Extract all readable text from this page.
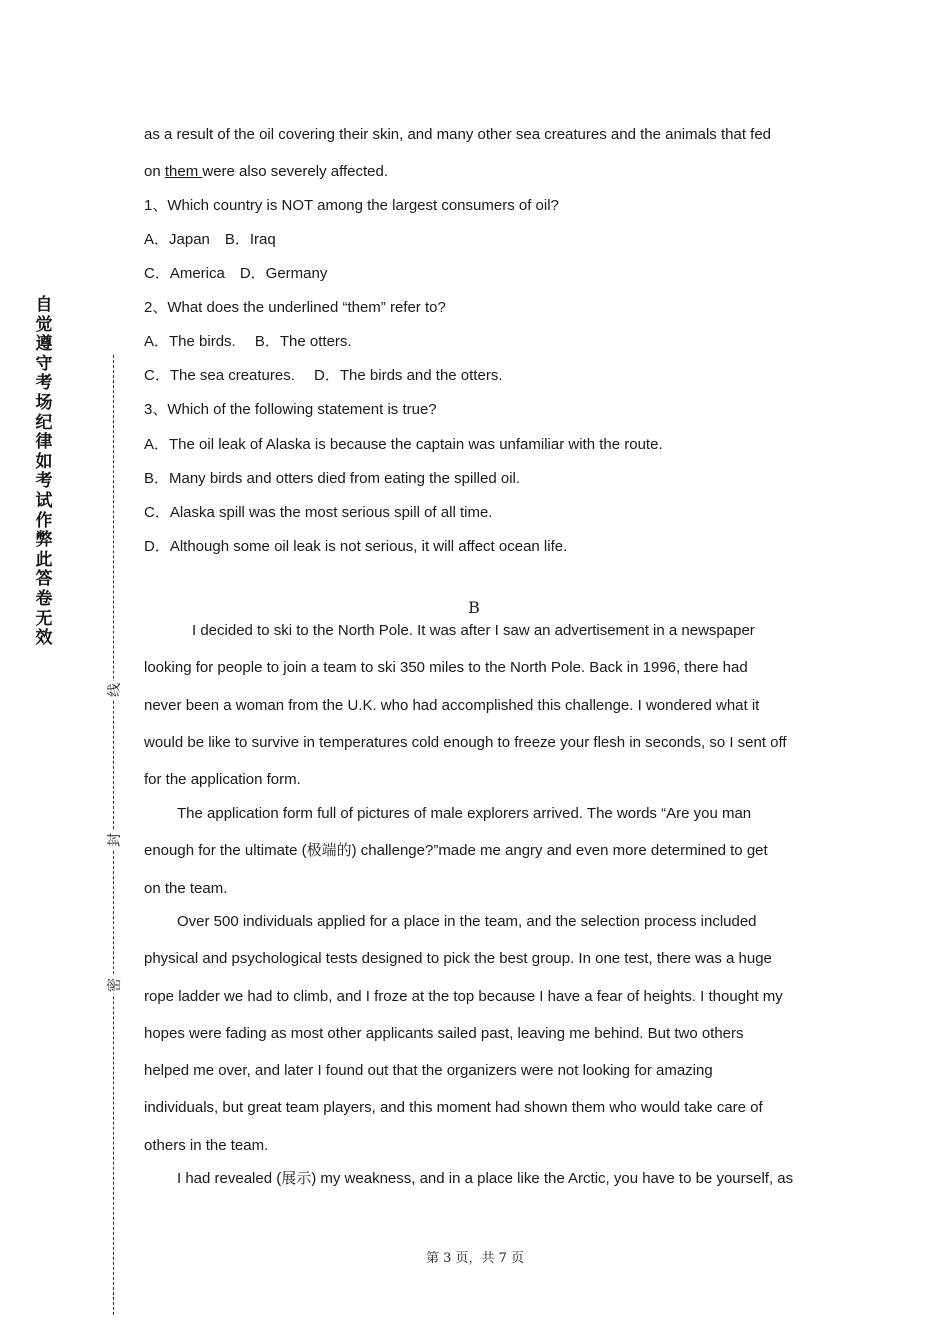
自觉遵守考场纪律如考试作弊此答卷无效
线
封
密
as a result of the oil covering their skin, and many other sea creatures and the animals that fed
on them were also severely affected.
1、Which country is NOT among the largest consumers of oil?
A．Japan　B．Iraq
C．America　D．Germany
2、What does the underlined “them” refer to?
A．The birds.　 B．The otters.
C．The sea creatures.　 D．The birds and the otters.
3、Which of the following statement is true?
A．The oil leak of Alaska is because the captain was unfamiliar with the route.
B．Many birds and otters died from eating the spilled oil.
C．Alaska spill was the most serious spill of all time.
D．Although some oil leak is not serious, it will affect ocean life.
B
I decided to ski to the North Pole. It was after I saw an advertisement in a newspaper
looking for people to join a team to ski 350 miles to the North Pole. Back in 1996, there had
never been a woman from the U.K. who had accomplished this challenge. I wondered what it
would be like to survive in temperatures cold enough to freeze your flesh in seconds, so I sent off
for the application form.
The application form full of pictures of male explorers arrived. The words “Are you man
enough for the ultimate (极端的) challenge?”made me angry and even more determined to get
on the team.
Over 500 individuals applied for a place in the team, and the selection process included
physical and psychological tests designed to pick the best group. In one test, there was a huge
rope ladder we had to climb, and I froze at the top because I have a fear of heights. I thought my
hopes were fading as most other applicants sailed past, leaving me behind. But two others
helped me over, and later I found out that the organizers were not looking for amazing
individuals, but great team players, and this moment had shown them who would take care of
others in the team.
I had revealed (展示) my weakness, and in a place like the Arctic, you have to be yourself, as
第 3 页，共 7 页
